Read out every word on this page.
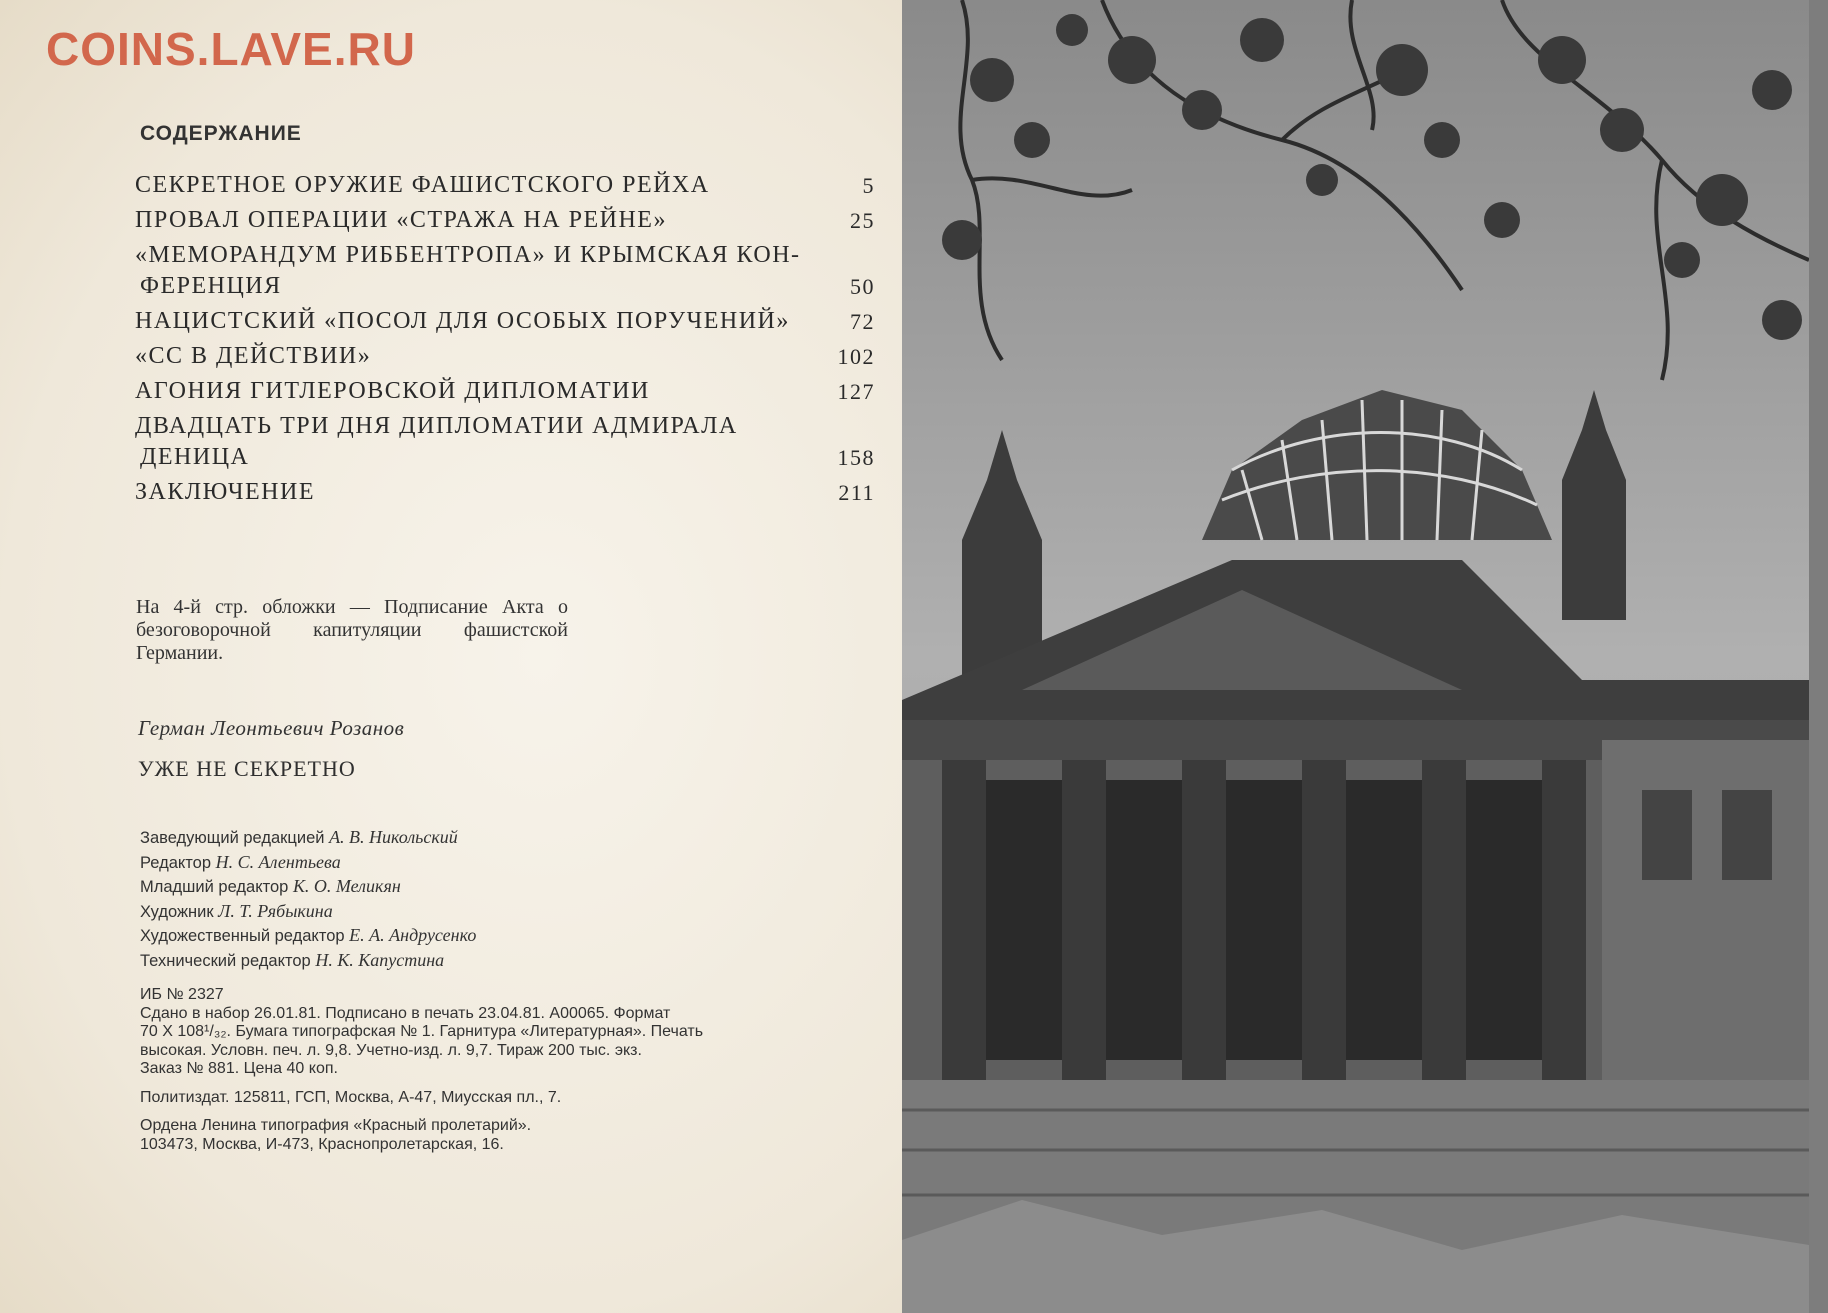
COINS.LAVE.RU
СОДЕРЖАНИЕ
СЕКРЕТНОЕ ОРУЖИЕ ФАШИСТСКОГО РЕЙХА	5
ПРОВАЛ ОПЕРАЦИИ «СТРАЖА НА РЕЙНЕ»	25
«МЕМОРАНДУМ РИББЕНТРОПА» И КРЫМСКАЯ КОН-
ФЕРЕНЦИЯ	50
НАЦИСТСКИЙ «ПОСОЛ ДЛЯ ОСОБЫХ ПОРУЧЕНИЙ»	72
«СС В ДЕЙСТВИИ»	102
АГОНИЯ ГИТЛЕРОВСКОЙ ДИПЛОМАТИИ	127
ДВАДЦАТЬ ТРИ ДНЯ ДИПЛОМАТИИ АДМИРАЛА
ДЕНИЦА	158
ЗАКЛЮЧЕНИЕ	211
На 4-й стр. обложки — Подписание Акта о безоговорочной капитуляции фашистской Германии.
Герман Леонтьевич Розанов
УЖЕ НЕ СЕКРЕТНО
Заведующий редакцией А. В. Никольский
Редактор Н. С. Алентьева
Младший редактор К. О. Меликян
Художник Л. Т. Рябыкина
Художественный редактор Е. А. Андрусенко
Технический редактор Н. К. Капустина
ИБ № 2327
Сдано в набор 26.01.81. Подписано в печать 23.04.81. А00065. Формат
70 X 108¹/₃₂. Бумага типографская № 1. Гарнитура «Литературная». Печать
высокая. Условн. печ. л. 9,8. Учетно-изд. л. 9,7. Тираж 200 тыс. экз.
Заказ № 881. Цена 40 коп.
Политиздат. 125811, ГСП, Москва, А-47, Миусская пл., 7.
Ордена Ленина типография «Красный пролетарий».
103473, Москва, И-473, Краснопролетарская, 16.
